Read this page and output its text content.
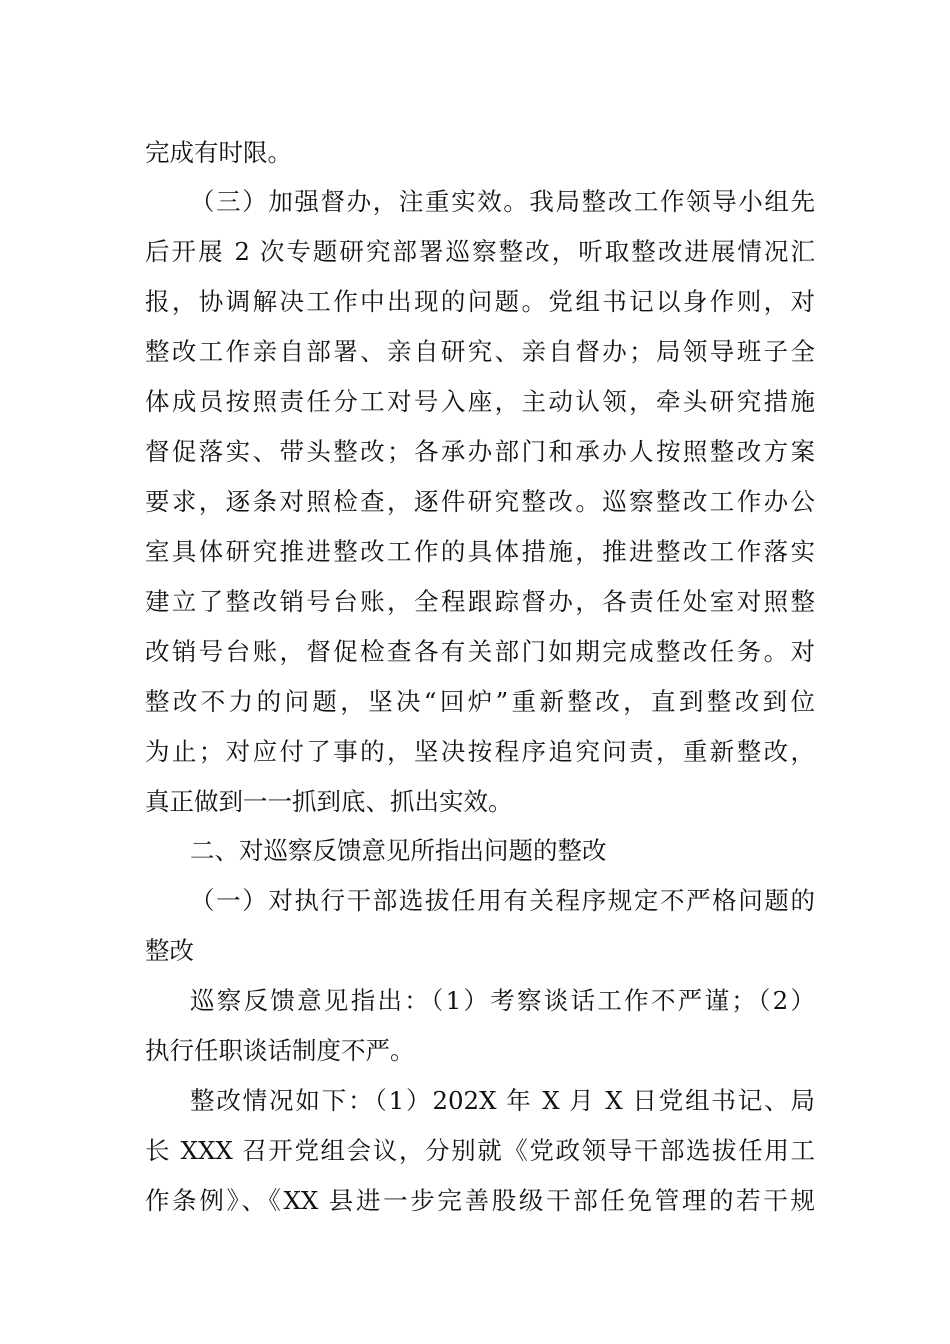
完成有时限。
（三）加强督办，注重实效。我局整改工作领导小组先
后开展 2 次专题研究部署巡察整改，听取整改进展情况汇
报，协调解决工作中出现的问题。党组书记以身作则，对
整改工作亲自部署、亲自研究、亲自督办；局领导班子全
体成员按照责任分工对号入座，主动认领，牵头研究措施
督促落实、带头整改；各承办部门和承办人按照整改方案
要求，逐条对照检查，逐件研究整改。巡察整改工作办公
室具体研究推进整改工作的具体措施，推进整改工作落实
建立了整改销号台账，全程跟踪督办，各责任处室对照整
改销号台账，督促检查各有关部门如期完成整改任务。对
整改不力的问题，坚决“回炉”重新整改，直到整改到位
为止；对应付了事的，坚决按程序追究问责，重新整改，
真正做到一一抓到底、抓出实效。
二、对巡察反馈意见所指出问题的整改
（一）对执行干部选拔任用有关程序规定不严格问题的
整改
巡察反馈意见指出：（1）考察谈话工作不严谨；（2）
执行任职谈话制度不严。
整改情况如下：（1）202X 年 X 月 X 日党组书记、局
长 XXX 召开党组会议，分别就《党政领导干部选拔任用工
作条例》、《XX 县进一步完善股级干部任免管理的若干规
